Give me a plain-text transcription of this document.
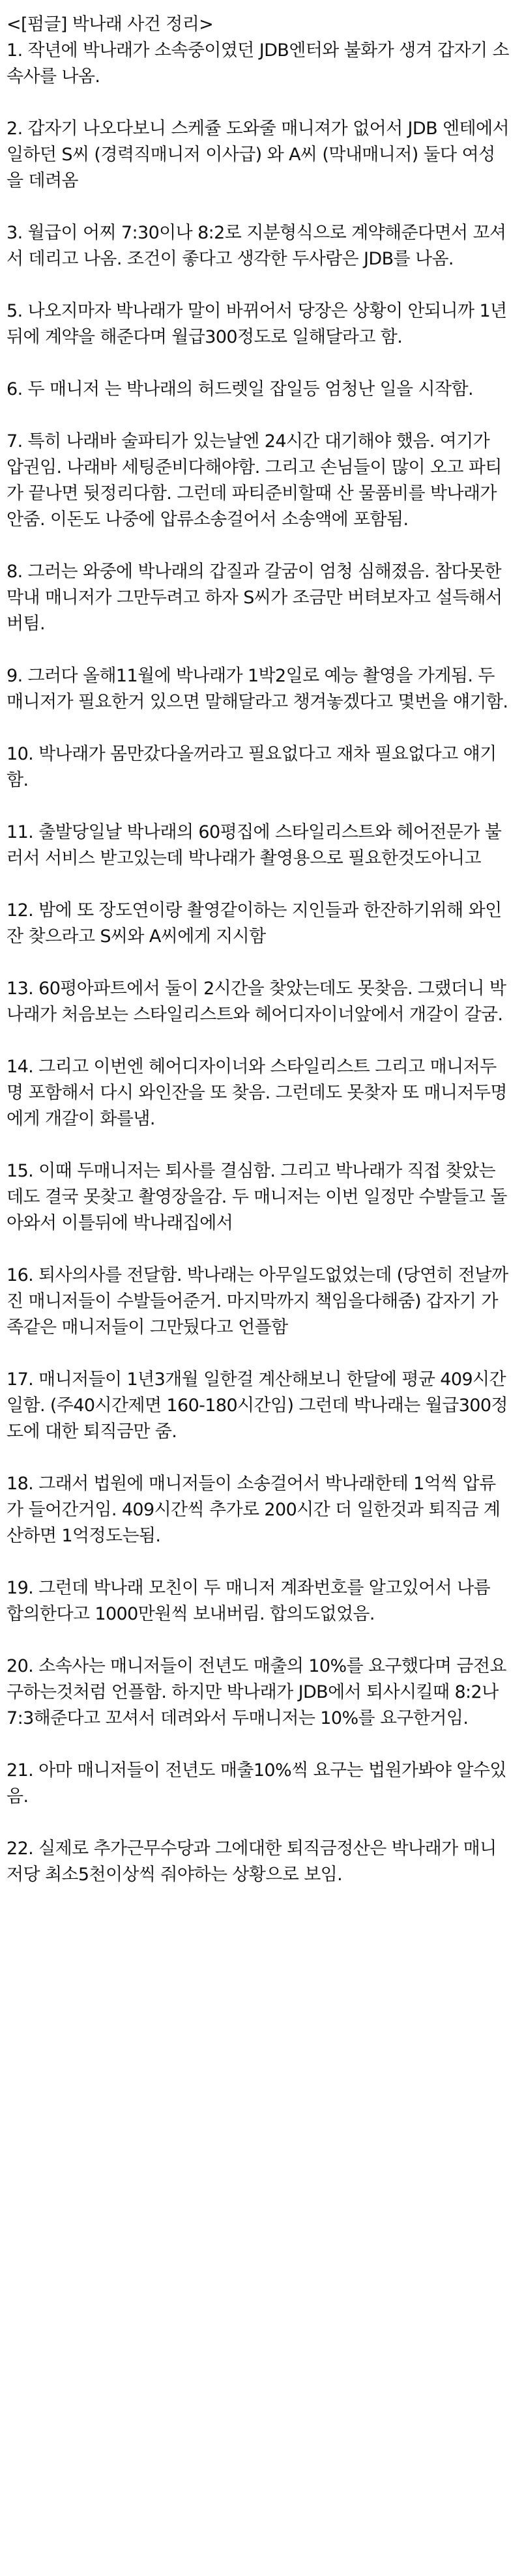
<[펌글] 박나래 사건 정리>

1. 작년에 박나래가 소속중이였던 JDB엔터와 불화가 생겨 갑자기 소속사를 나옴.

2. 갑자기 나오다보니 스케쥴 도와줄 매니져가 없어서 JDB 엔테에서 일하던 S씨 (경력직매니저 이사급) 와 A씨 (막내매니저) 둘다 여성을 데려옴

3. 월급이 어찌 7:30이나 8:2로 지분형식으로 계약해준다면서 꼬셔서 데리고 나옴. 조건이 좋다고 생각한 두사람은 JDB를 나옴.

5. 나오지마자 박나래가 말이 바뀌어서 당장은 상황이 안되니까 1년뒤에 계약을 해준다며 월급300정도로 일해달라고 함.

6. 두 매니저 는 박나래의 허드렛일 잡일등 엄청난 일을 시작함.

7. 특히 나래바 술파티가 있는날엔 24시간 대기해야 했음. 여기가 압권임. 나래바 세팅준비다해야함. 그리고 손님들이 많이 오고 파티가 끝나면 뒷정리다함. 그런데 파티준비할때 산 물품비를 박나래가 안줌. 이돈도 나중에 압류소송걸어서 소송액에 포함됨.

8. 그러는 와중에 박나래의 갑질과 갈굼이 엄청 심해졌음. 참다못한 막내 매니저가 그만두려고 하자 S씨가 조금만 버텨보자고 설득해서 버팀.

9. 그러다 올해11월에 박나래가 1박2일로 예능 촬영을 가게됨. 두매니저가 필요한거 있으면 말해달라고 챙겨놓겠다고 몇번을 얘기함.

10. 박나래가 몸만갔다올꺼라고 필요없다고 재차 필요없다고 얘기함.

11. 출발당일날 박나래의 60평집에 스타일리스트와 헤어전문가 불러서 서비스 받고있는데 박나래가 촬영용으로 필요한것도아니고

12. 밤에 또 장도연이랑 촬영같이하는 지인들과 한잔하기위해 와인잔 찾으라고 S씨와 A씨에게 지시함

13. 60평아파트에서 둘이 2시간을 찾았는데도 못찾음. 그랬더니 박나래가 처음보는 스타일리스트와 헤어디자이너앞에서 개갈이 갈굼.

14. 그리고 이번엔 헤어디자이너와 스타일리스트 그리고 매니저두명 포함해서 다시 와인잔을 또 찾음. 그런데도 못찾자 또 매니저두명에게 개갈이 화를냄.

15. 이때 두매니저는 퇴사를 결심함. 그리고 박나래가 직접 찾았는데도 결국 못찾고 촬영장을감. 두 매니저는 이번 일정만 수발들고 돌아와서 이틀뒤에 박나래집에서

16. 퇴사의사를 전달함. 박나래는 아무일도없었는데 (당연히 전날까진 매니저들이 수발들어준거. 마지막까지 책임을다해줌) 갑자기 가족같은 매니저들이 그만뒀다고 언플함

17. 매니저들이 1년3개월 일한걸 계산해보니 한달에 평균 409시간 일함. (주40시간제면 160-180시간임) 그런데 박나래는 월급300정도에 대한 퇴직금만 줌.

18. 그래서 법원에 매니저들이 소송걸어서 박나래한테 1억씩 압류가 들어간거임. 409시간씩 추가로 200시간 더 일한것과 퇴직금 계산하면 1억정도는됨.

19. 그런데 박나래 모친이 두 매니저 계좌번호를 알고있어서 나름 합의한다고 1000만원씩 보내버림. 합의도없었음.

20. 소속사는 매니저들이 전년도 매출의 10%를 요구했다며 금전요구하는것처럼 언플함. 하지만 박나래가 JDB에서 퇴사시킬때 8:2나 7:3해준다고 꼬셔서 데려와서 두매니저는 10%를 요구한거임.

21. 아마 매니저들이 전년도 매출10%씩 요구는 법원가봐야 알수있음.

22. 실제로 추가근무수당과 그에대한 퇴직금정산은 박나래가 매니저당 최소5천이상씩 줘야하는 상황으로 보임.
